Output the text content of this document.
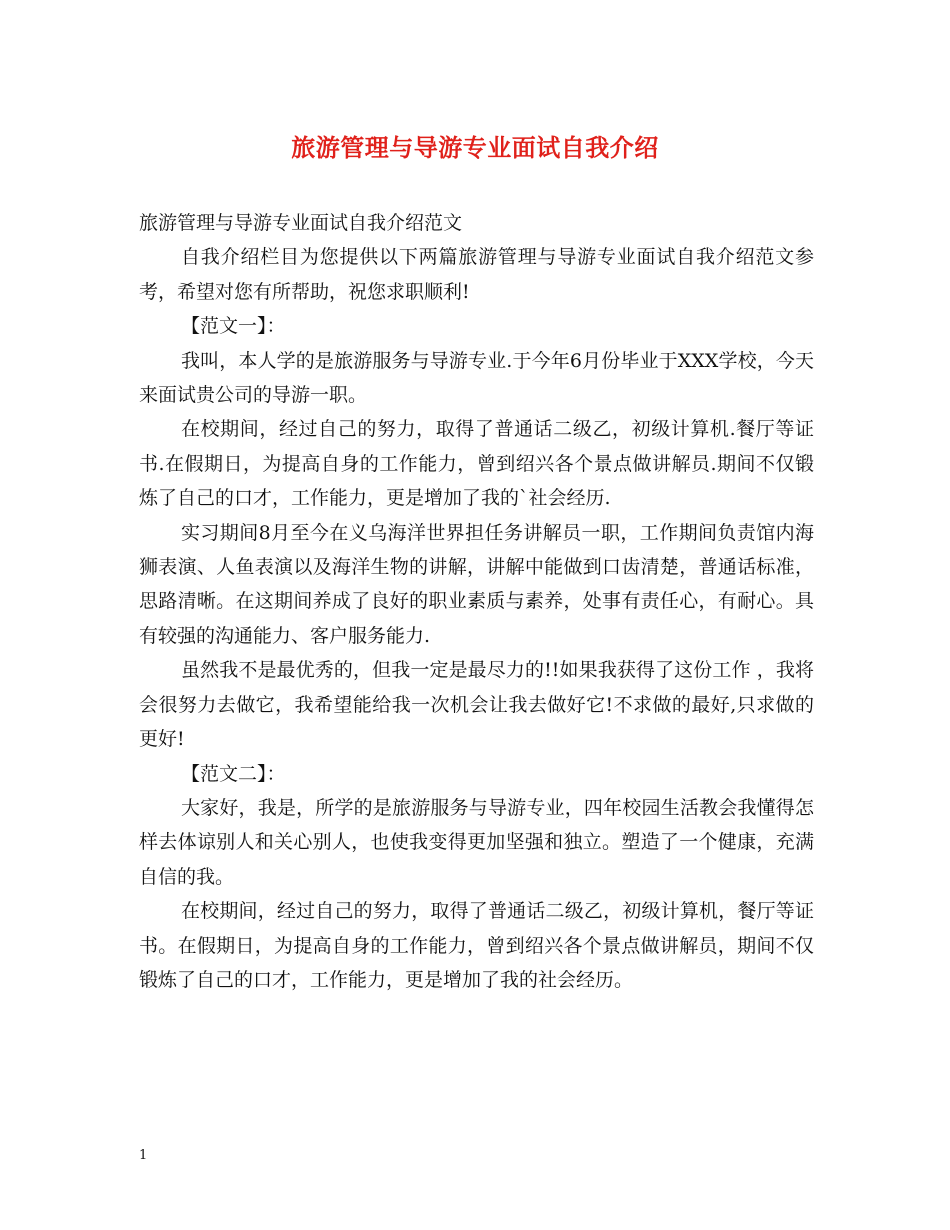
旅游管理与导游专业面试自我介绍

旅游管理与导游专业面试自我介绍范文

自我介绍栏目为您提供以下两篇旅游管理与导游专业面试自我介绍范文参考，希望对您有所帮助，祝您求职顺利!

【范文一】：

我叫，本人学的是旅游服务与导游专业.于今年6月份毕业于XXX学校，今天来面试贵公司的导游一职。

在校期间，经过自己的努力，取得了普通话二级乙，初级计算机.餐厅等证书.在假期日，为提高自身的工作能力，曾到绍兴各个景点做讲解员.期间不仅锻炼了自己的口才，工作能力，更是增加了我的`社会经历.

实习期间8月至今在义乌海洋世界担任务讲解员一职，工作期间负责馆内海狮表演、人鱼表演以及海洋生物的讲解，讲解中能做到口齿清楚，普通话标准，思路清晰。在这期间养成了良好的职业素质与素养，处事有责任心，有耐心。具有较强的沟通能力、客户服务能力.

虽然我不是最优秀的，但我一定是最尽力的!!如果我获得了这份工作 ，我将会很努力去做它，我希望能给我一次机会让我去做好它!不求做的最好,只求做的更好!

【范文二】：

大家好，我是，所学的是旅游服务与导游专业，四年校园生活教会我懂得怎样去体谅别人和关心别人，也使我变得更加坚强和独立。塑造了一个健康，充满自信的我。

在校期间，经过自己的努力，取得了普通话二级乙，初级计算机，餐厅等证书。在假期日，为提高自身的工作能力，曾到绍兴各个景点做讲解员，期间不仅锻炼了自己的口才，工作能力，更是增加了我的社会经历。

1
